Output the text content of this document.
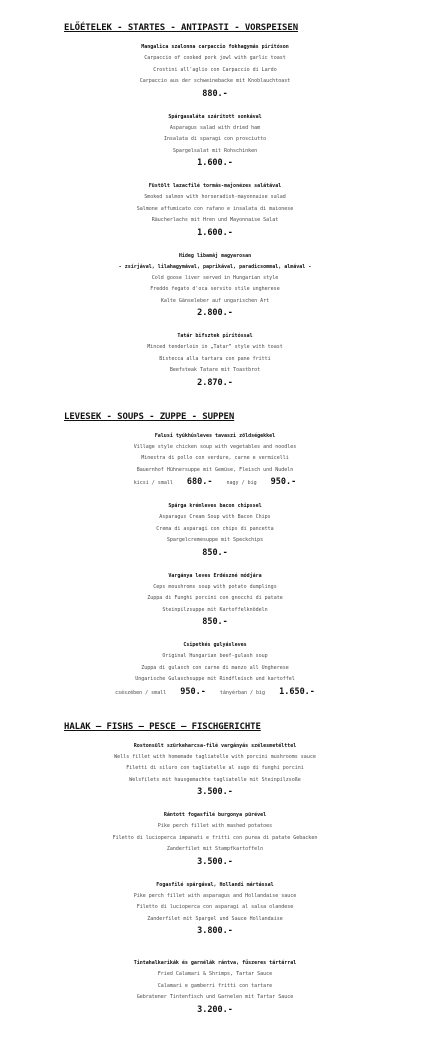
ELŐÉTELEK - STARTES - ANTIPASTI - VORSPEISEN
Mangalica szalonna carpaccio fokhagymás pirítóson
Carpaccio of cooked pork jowl with garlic toast
Crostini all'aglio con Carpaccio di Lardo
Carpaccio aus der schweinebacke mit Knoblauchtoast
880.-
Spárgasaláta szárított sonkával
Asparagus salad with dried ham
Insalata di sparagi con prosciutto
Spargelsalat mit Rohschinken
1.600.-
Füstölt lazacfilé tormás-majonézes salátával
Smoked salmon with horseradish-mayonnaise salad
Salmone affumicato con rafano e insalata di maionese
Räucherlachs mit Hren und Mayonnaise Salat
1.600.-
Hideg libamáj magyarosan
- zsírjával, lilahagymával, paprikával, paradicsommal, almával -
Cold goose liver served in Hungarian style
Freddo fegato d'oca servito stile ungherese
Kalte Gänseleber auf ungarischen Art
2.800.-
Tatár bifsztek pirítóssal
Minced tenderloin in „Tatar” style with toast
Bistecca alla tartara con pane fritti
Beefsteak Tatare mit Toastbrot
2.870.-
LEVESEK - SOUPS - ZUPPE - SUPPEN
Falusi tyúkhúsleves tavaszi zöldségekkel
Village style chicken soup with vegetables and noodles
Minestra di pollo con verdure, carne e vermicelli
Bauernhof Hühnersuppe mit Gemüse, Fleisch und Nudeln
kicsi / small 680.-	nagy / big 950.-
Spárga krémleves bacon chipssel
Asparagus Cream Soup with Bacon Chips
Crema di asparagi con chips di pancetta
Spargelcremesuppe mit Speckchips
850.-
Vargánya leves Erdészné módjára
Ceps moushroms soup with potato dumplings
Zuppa di Funghi porcini con gnocchi di patate
Steinpilzsuppe mit Kartoffelknödeln
850.-
Csipetkés gulyásleves
Original Hungarian beef-gulash soup
Zuppa di gulasch con carne di manzo all Ungherese
Ungarische Gulaschsuppe mit Rindfleisch und kartoffel
csészében / small 950.-	tányérban / big 1.650.-
HALAK – FISHS – PESCE – FISCHGERICHTE
Rostonsült szürkeharcsa-filé vargányás szélesmetélttel
Wells fillet with homemade tagliatelle with porcini mushrooms sauce
Filetti di siluro con tagliatelle al sugo di funghi porcini
Welsfilets mit hausgemachte tagliatelle mit Steinpilzsoße
3.500.-
Rántott fogasfilé burgonya pürével
Pike perch fillet with mashed potatoes
Filetto di lucioperca impanati e fritti con purea di patate Gebacken
Zanderfilet mit Stampfkartoffeln
3.500.-
Fogasfilé spárgával, Hollandi mártással
Pike perch fillet with asparagus and Hollandaise sauce
Filetto di lucioperca con asparagi al salsa olandese
Zanderfilet mit Spargel und Sauce Hollandaise
3.800.-
Tintahalkarikák és garnélák rántva, fűszeres tártárral
Fried Calamari & Shrimps, Tartar Sauce
Calamari e gamberri fritti con tartare
Gebratener Tintenfisch und Garnelen mit Tartar Sauce
3.200.-
